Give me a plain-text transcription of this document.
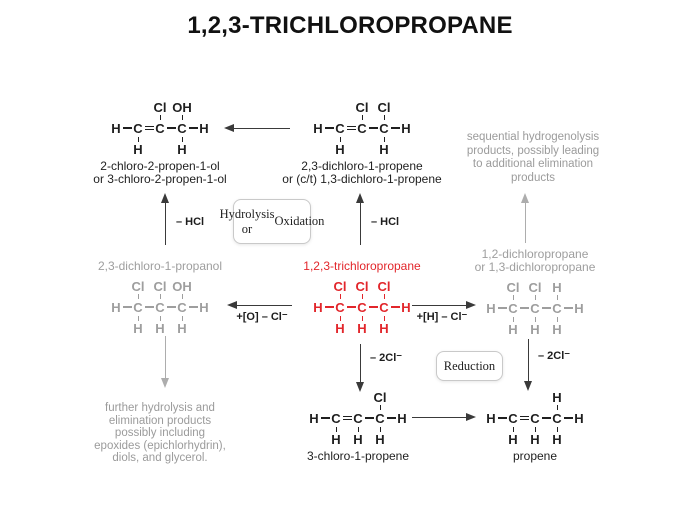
1,2,3-TRICHLOROPROPANE
Cl OH
H C C C H
H	H
2-chloro-2-propen-1-ol
or 3-chloro-2-propen-1-ol
Cl Cl
H C C C H
H	H
2,3-dichloro-1-propene
or (c/t) 1,3-dichloro-1-propene
2,3-dichloro-1-propanol
Cl Cl OH
H C C C H
H H H
1,2,3-trichloropropane
Cl Cl Cl
H C C C H
H H H
1,2-dichloropropane
or 1,3-dichloropropane
Cl Cl H
H C C C H
H H H
Cl
H C C C H
H H H
3-chloro-1-propene
H
H C C C H
H H H
propene
sequential hydrogenolysis
products, possibly leading
to additional elimination
products
further hydrolysis and
elimination products
possibly including
epoxides (epichlorhydrin),
diols, and glycerol.
Hydrolysis or
Oxidation
Reduction
– HCl	– HCl
+[O] – Cl⁻	+[H] – Cl⁻
– 2Cl⁻	– 2Cl⁻
